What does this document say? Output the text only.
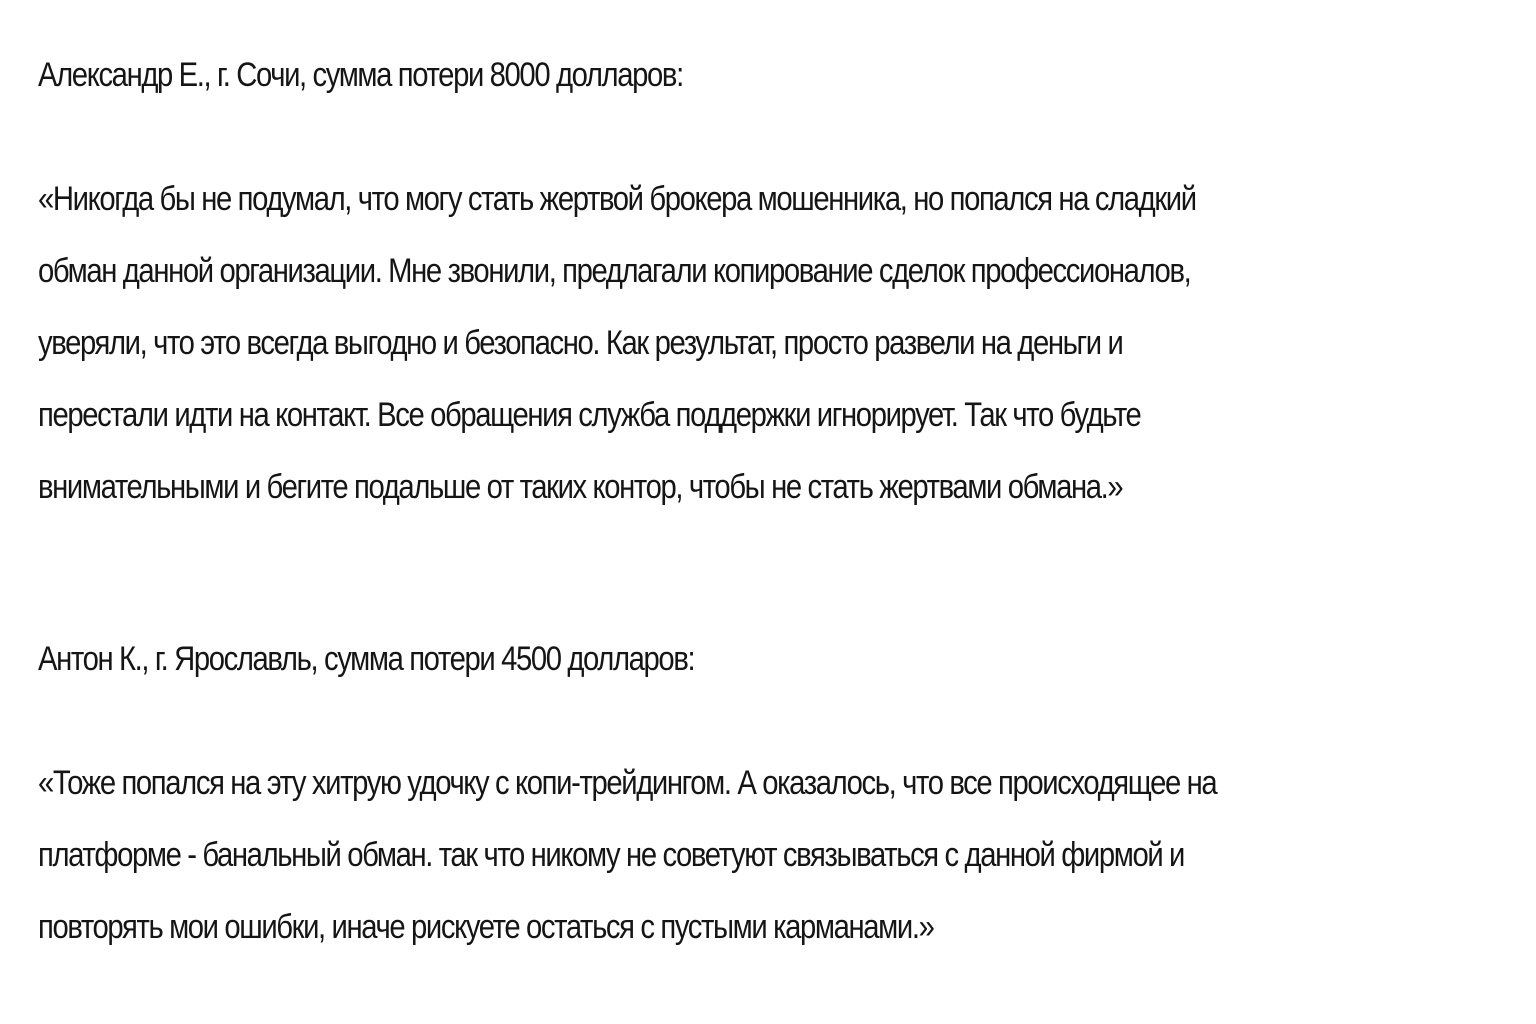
Александр Е., г. Сочи, сумма потери 8000 долларов:

«Никогда бы не подумал, что могу стать жертвой брокера мошенника, но попался на сладкий
обман данной организации. Мне звонили, предлагали копирование сделок профессионалов,
уверяли, что это всегда выгодно и безопасно. Как результат, просто развели на деньги и
перестали идти на контакт. Все обращения служба поддержки игнорирует. Так что будьте
внимательными и бегите подальше от таких контор, чтобы не стать жертвами обмана.»

Антон К., г. Ярославль, сумма потери 4500 долларов:

«Тоже попался на эту хитрую удочку с копи-трейдингом. А оказалось, что все происходящее на
платформе - банальный обман. так что никому не советуют связываться с данной фирмой и
повторять мои ошибки, иначе рискуете остаться с пустыми карманами.»
